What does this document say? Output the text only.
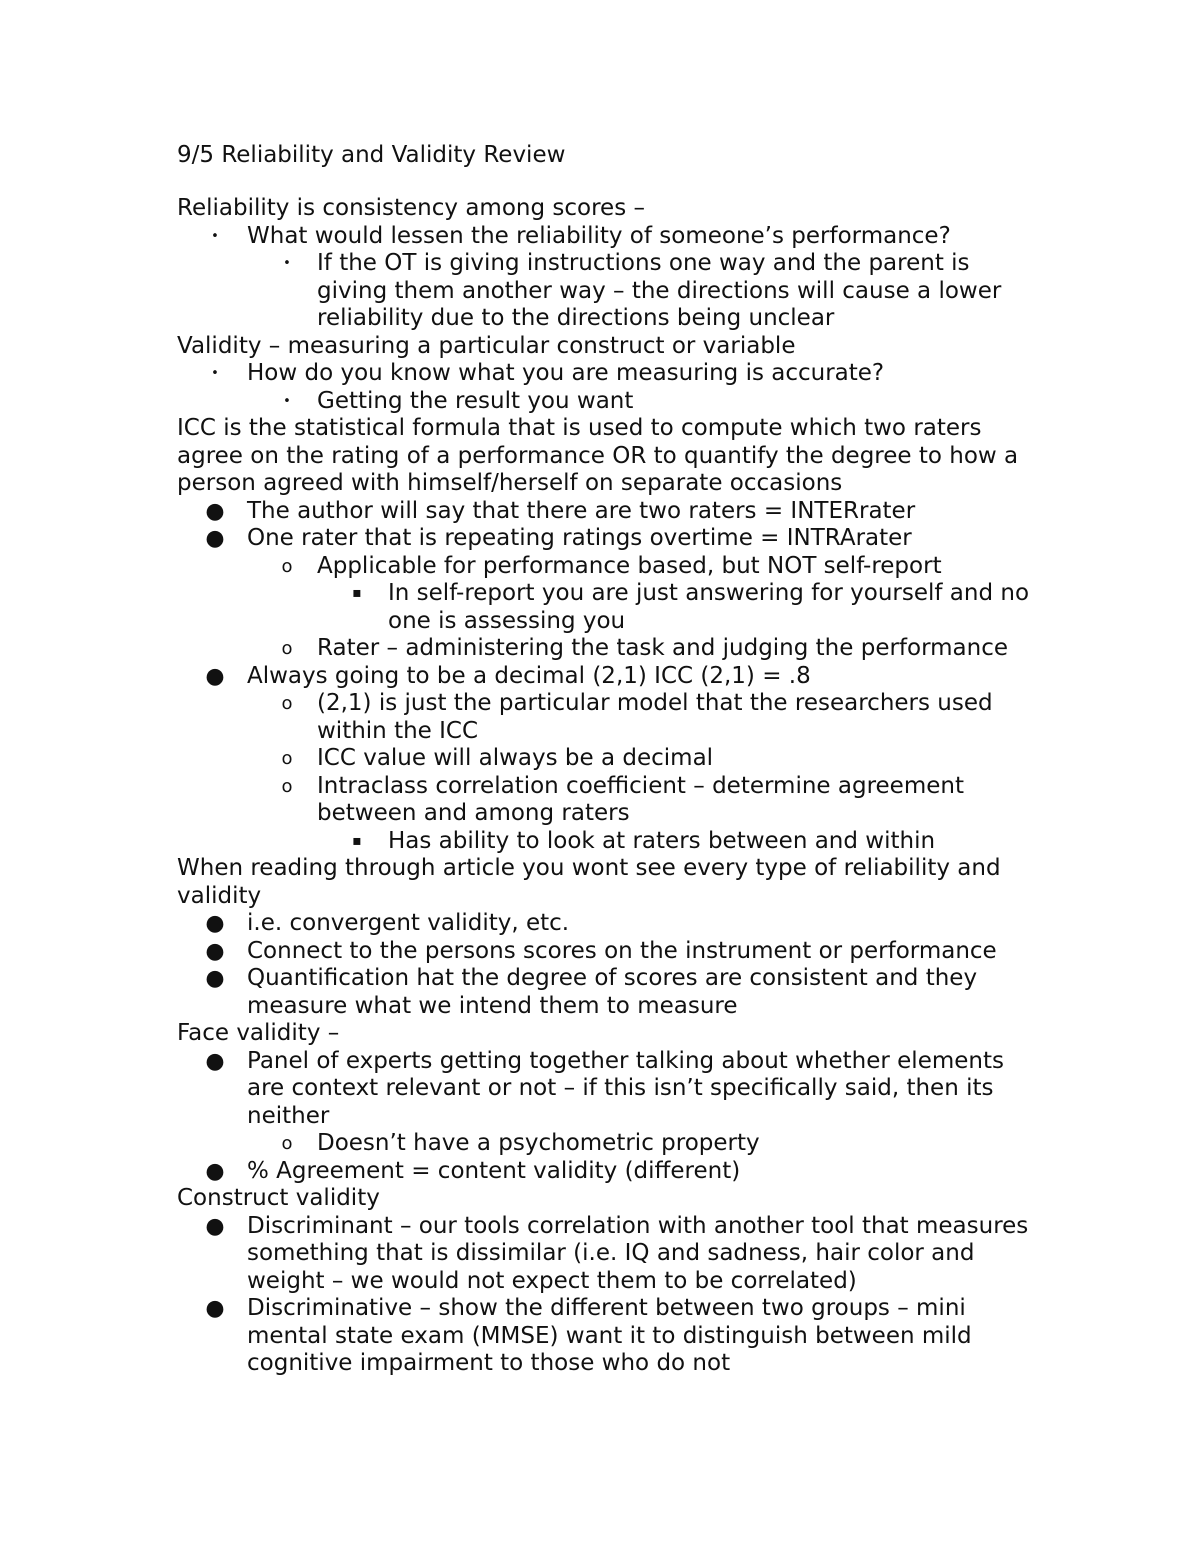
9/5 Reliability and Validity Review
Reliability is consistency among scores –
• What would lessen the reliability of someone’s performance?
• If the OT is giving instructions one way and the parent is giving them another way – the directions will cause a lower reliability due to the directions being unclear
Validity – measuring a particular construct or variable
• How do you know what you are measuring is accurate?
• Getting the result you want
ICC is the statistical formula that is used to compute which two raters agree on the rating of a performance OR to quantify the degree to how a person agreed with himself/herself on separate occasions
● The author will say that there are two raters = INTERrater
● One rater that is repeating ratings overtime = INTRArater
o Applicable for performance based, but NOT self-report
▪ In self-report you are just answering for yourself and no one is assessing you
o Rater – administering the task and judging the performance
● Always going to be a decimal (2,1) ICC (2,1) = .8
o (2,1) is just the particular model that the researchers used within the ICC
o ICC value will always be a decimal
o Intraclass correlation coefficient – determine agreement between and among raters
▪ Has ability to look at raters between and within
When reading through article you wont see every type of reliability and validity
● i.e. convergent validity, etc.
● Connect to the persons scores on the instrument or performance
● Quantification hat the degree of scores are consistent and they measure what we intend them to measure
Face validity –
● Panel of experts getting together talking about whether elements are context relevant or not – if this isn’t specifically said, then its neither
o Doesn’t have a psychometric property
● % Agreement = content validity (different)
Construct validity
● Discriminant – our tools correlation with another tool that measures something that is dissimilar (i.e. IQ and sadness, hair color and weight – we would not expect them to be correlated)
● Discriminative – show the different between two groups – mini mental state exam (MMSE) want it to distinguish between mild cognitive impairment to those who do not
